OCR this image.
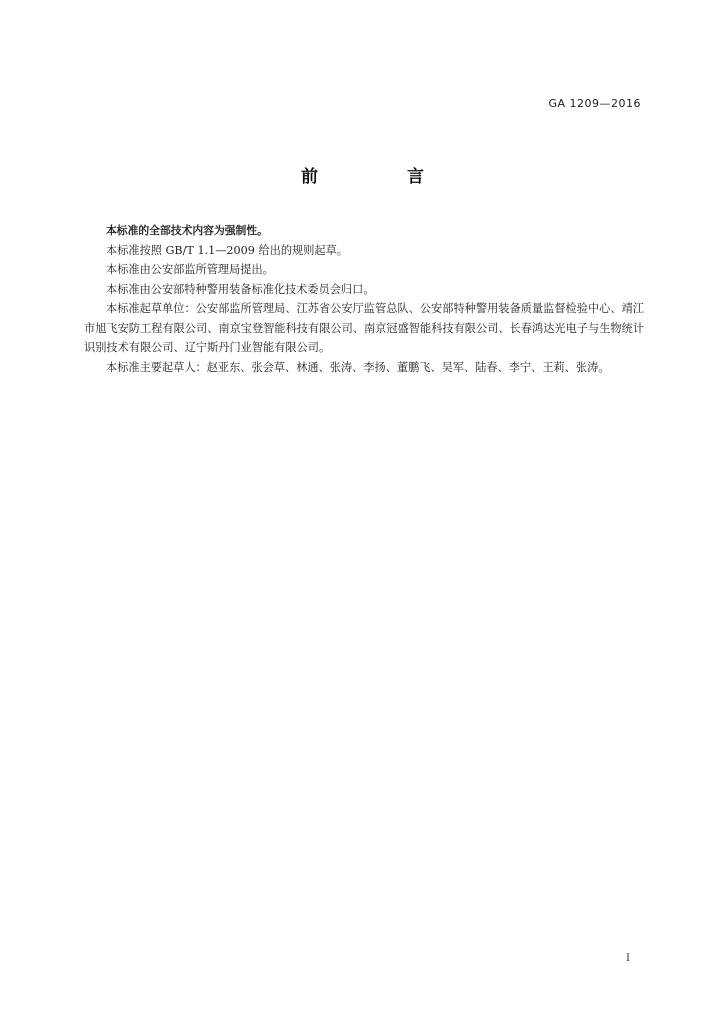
GA 1209—2016
前　言

本标准的全部技术内容为强制性。

本标准按照 GB/T 1.1—2009 给出的规则起草。

本标准由公安部监所管理局提出。

本标准由公安部特种警用装备标准化技术委员会归口。

本标准起草单位：公安部监所管理局、江苏省公安厅监管总队、公安部特种警用装备质量监督检验中心、靖江市旭飞安防工程有限公司、南京宝登智能科技有限公司、南京冠盛智能科技有限公司、长春鸿达光电子与生物统计识别技术有限公司、辽宁斯丹门业智能有限公司。

本标准主要起草人：赵亚东、张会草、林通、张涛、李扬、董鹏飞、吴军、陆春、李宁、王莉、张涛。

I
